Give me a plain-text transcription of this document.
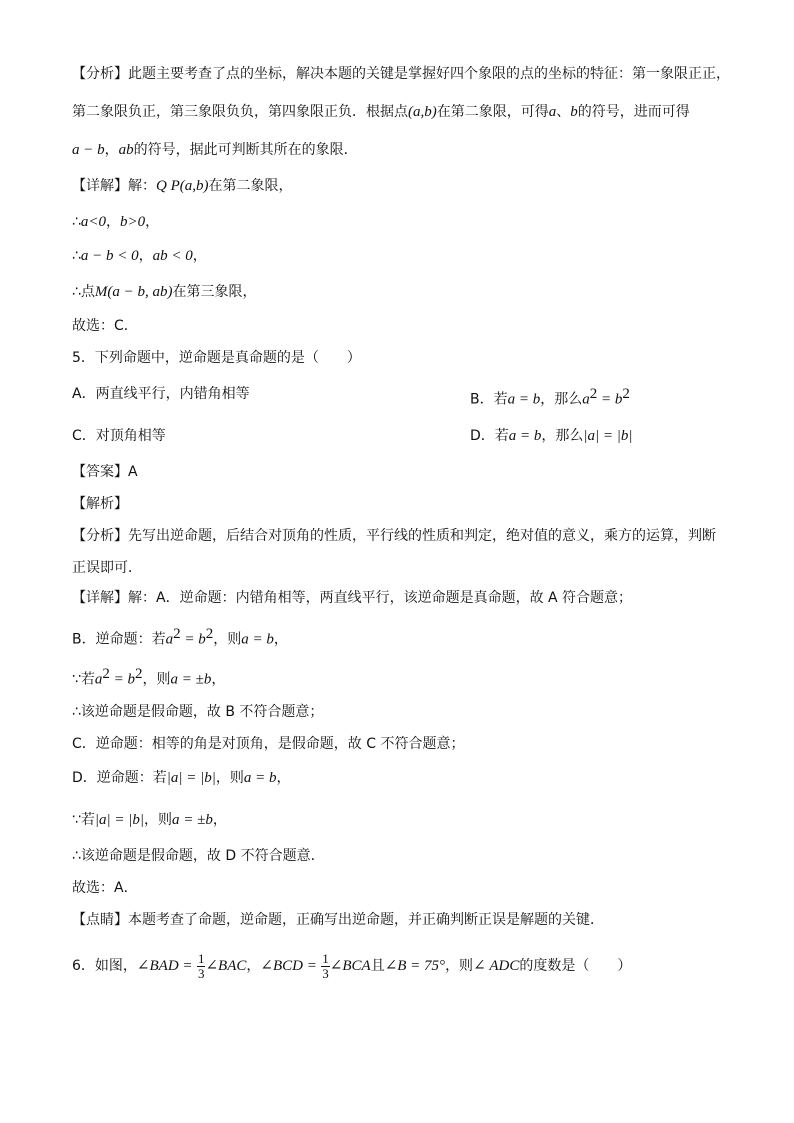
【分析】此题主要考查了点的坐标，解决本题的关键是掌握好四个象限的点的坐标的特征：第一象限正正，
第二象限负正，第三象限负负，第四象限正负．根据点(a,b)在第二象限，可得a、b的符号，进而可得
a − b，ab的符号，据此可判断其所在的象限．
【详解】解：Q P(a,b)在第二象限，
∴a<0，b>0，
∴a − b < 0，ab < 0，
∴点M(a − b, ab)在第三象限，
故选：C．
5．下列命题中，逆命题是真命题的是（　　）
A．两直线平行，内错角相等	B．若a = b，那么$a^2 = b^2$
C．对顶角相等	D．若a = b，那么|a| = |b|
【答案】A
【解析】
【分析】先写出逆命题，后结合对顶角的性质，平行线的性质和判定，绝对值的意义，乘方的运算，判断
正误即可．
【详解】解：A．逆命题：内错角相等，两直线平行，该逆命题是真命题，故 A 符合题意；
B．逆命题：若$a^2 = b^2$，则a = b，
∵若$a^2 = b^2$，则a = ±b，
∴该逆命题是假命题，故 B 不符合题意；
C．逆命题：相等的角是对顶角，是假命题，故 C 不符合题意；
D．逆命题：若|a| = |b|，则a = b，
∵若|a| = |b|，则a = ±b，
∴该逆命题是假命题，故 D 不符合题意．
故选：A．
【点睛】本题考查了命题，逆命题，正确写出逆命题，并正确判断正误是解题的关键．
6．如图，∠BAD = $\frac{1}{3}$ ∠BAC，∠BCD = $\frac{1}{3}$ ∠BCA且∠B = 75°，则∠ ADC的度数是（　　）
